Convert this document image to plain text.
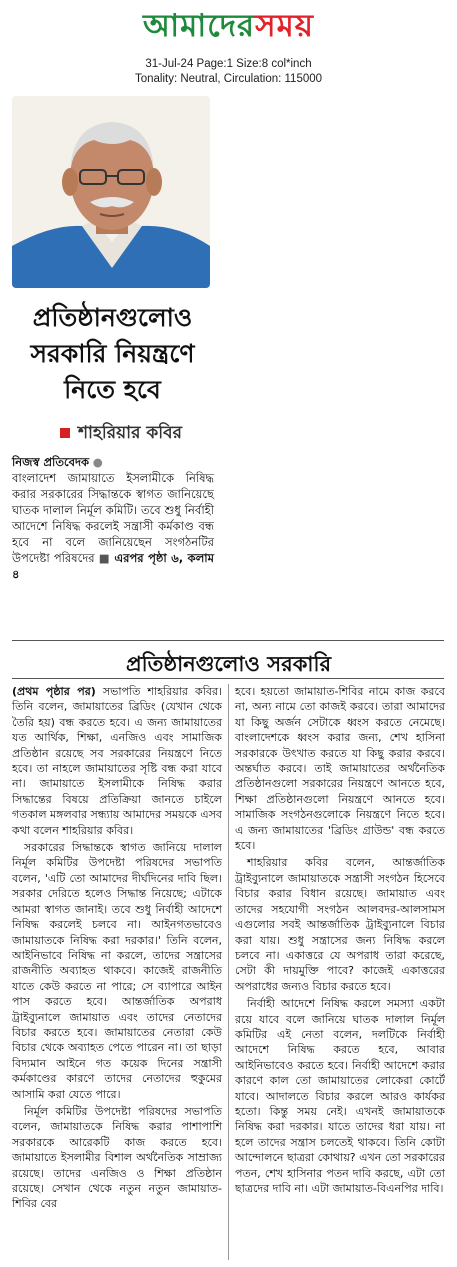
আমাদেরসময়
31-Jul-24 Page:1 Size:8 col*inch
Tonality: Neutral, Circulation: 115000
প্রতিষ্ঠানগুলোও
সরকারি নিয়ন্ত্রণে
নিতে হবে
শাহরিয়ার কবির
নিজস্ব প্রতিবেদক ●
বাংলাদেশ জামায়াতে ইসলামীকে নিষিদ্ধ করার সরকারের সিদ্ধান্তকে স্বাগত জানিয়েছে ঘাতক দালাল নির্মূল কমিটি। তবে শুধু নির্বাহী আদেশে নিষিদ্ধ করলেই সন্ত্রাসী কর্মকাণ্ড বন্ধ হবে না বলে জানিয়েছেন সংগঠনটির উপদেষ্টা পরিষদের ■ এরপর পৃষ্ঠা ৬, কলাম ৪
প্রতিষ্ঠানগুলোও সরকারি

(প্রথম পৃষ্ঠার পর) সভাপতি শাহরিয়ার কবির। তিনি বলেন, জামায়াতের ব্রিডিং (যেখান থেকে তৈরি হয়) বন্ধ করতে হবে। এ জন্য জামায়াতের যত আর্থিক, শিক্ষা, এনজিও এবং সামাজিক প্রতিষ্ঠান রয়েছে সব সরকারের নিয়ন্ত্রণে নিতে হবে। তা নাহলে জামায়াতের সৃষ্টি বন্ধ করা যাবে না। জামায়াতে ইসলামীকে নিষিদ্ধ করার সিদ্ধান্তের বিষয়ে প্রতিক্রিয়া জানতে চাইলে গতকাল মঙ্গলবার সন্ধ্যায় আমাদের সময়কে এসব কথা বলেন শাহরিয়ার কবির।

সরকারের সিদ্ধান্তকে স্বাগত জানিয়ে দালাল নির্মূল কমিটির উপদেষ্টা পরিষদের সভাপতি বলেন, 'এটি তো আমাদের দীর্ঘদিনের দাবি ছিল। সরকার দেরিতে হলেও সিদ্ধান্ত নিয়েছে; এটাকে আমরা স্বাগত জানাই। তবে শুধু নির্বাহী আদেশে নিষিদ্ধ করলেই চলবে না। আইনগতভাবেও জামায়াতকে নিষিদ্ধ করা দরকার।' তিনি বলেন, আইনিভাবে নিষিদ্ধ না করলে, তাদের সন্ত্রাসের রাজনীতি অব্যাহত থাকবে। কাজেই রাজনীতি যাতে কেউ করতে না পারে; সে ব্যাপারে আইন পাস করতে হবে। আন্তর্জাতিক অপরাধ ট্রাইব্যুনালে জামায়াত এবং তাদের নেতাদের বিচার করতে হবে। জামায়াতের নেতারা কেউ বিচার থেকে অব্যাহত পেতে পারেন না। তা ছাড়া বিদ্যমান আইনে গত কয়েক দিনের সন্ত্রাসী কর্মকাণ্ডের কারণে তাদের নেতাদের হুকুমের আসামি করা যেতে পারে।

নির্মূল কমিটির উপদেষ্টা পরিষদের সভাপতি বলেন, জামায়াতকে নিষিদ্ধ করার পাশাপাশি সরকারকে আরেকটি কাজ করতে হবে। জামায়াতে ইসলামীর বিশাল অর্থনৈতিক সাম্রাজ্য রয়েছে। তাদের এনজিও ও শিক্ষা প্রতিষ্ঠান রয়েছে। সেখান থেকে নতুন নতুন জামায়াত-শিবির বের

হবে। হয়তো জামায়াত-শিবির নামে কাজ করবে না, অন্য নামে তো কাজই করবে। তারা আমাদের যা কিছু অর্জন সেটাকে ধ্বংস করতে নেমেছে। বাংলাদেশকে ধ্বংস করার জন্য, শেখ হাসিনা সরকারকে উৎখাত করতে যা কিছু করার করবে। অন্তর্ঘাত করবে। তাই জামায়াতের অর্থনৈতিক প্রতিষ্ঠানগুলো সরকারের নিয়ন্ত্রণে আনতে হবে, শিক্ষা প্রতিষ্ঠানগুলো নিয়ন্ত্রণে আনতে হবে। সামাজিক সংগঠনগুলোকে নিয়ন্ত্রণে নিতে হবে। এ জন্য জামায়াতের 'ব্রিডিং গ্রাউন্ড' বন্ধ করতে হবে।

শাহরিয়ার কবির বলেন, আন্তর্জাতিক ট্রাইব্যুনালে জামায়াতকে সন্ত্রাসী সংগঠন হিসেবে বিচার করার বিধান রয়েছে। জামায়াত এবং তাদের সহযোগী সংগঠন আলবদর-আলসামস এগুলোর সবই আন্তর্জাতিক ট্রাইব্যুনালে বিচার করা যায়। শুধু সন্ত্রাসের জন্য নিষিদ্ধ করলে চলবে না। একাত্তরে যে অপরাধ তারা করেছে, সেটা কী দায়মুক্তি পাবে? কাজেই একাত্তরের অপরাধের জন্যও বিচার করতে হবে।

নির্বাহী আদেশে নিষিদ্ধ করলে সমস্যা একটা রয়ে যাবে বলে জানিয়ে ঘাতক দালাল নির্মূল কমিটির এই নেতা বলেন, দলটিকে নির্বাহী আদেশে নিষিদ্ধ করতে হবে, আবার আইনিভাবেও করতে হবে। নির্বাহী আদেশে করার কারণে কাল তো জামায়াতের লোকেরা কোর্টে যাবে। আদালতে বিচার করলে আরও কার্যকর হতো। কিন্তু সময় নেই। এখনই জামায়াতকে নিষিদ্ধ করা দরকার। যাতে তাদের ধরা যায়। না হলে তাদের সন্ত্রাস চলতেই থাকবে। তিনি কোটা আন্দোলনে ছাত্ররা কোথায়? এখন তো সরকারের পতন, শেখ হাসিনার পতন দাবি করছে, এটা তো ছাত্রদের দাবি না। এটা জামায়াত-বিএনপির দাবি।
